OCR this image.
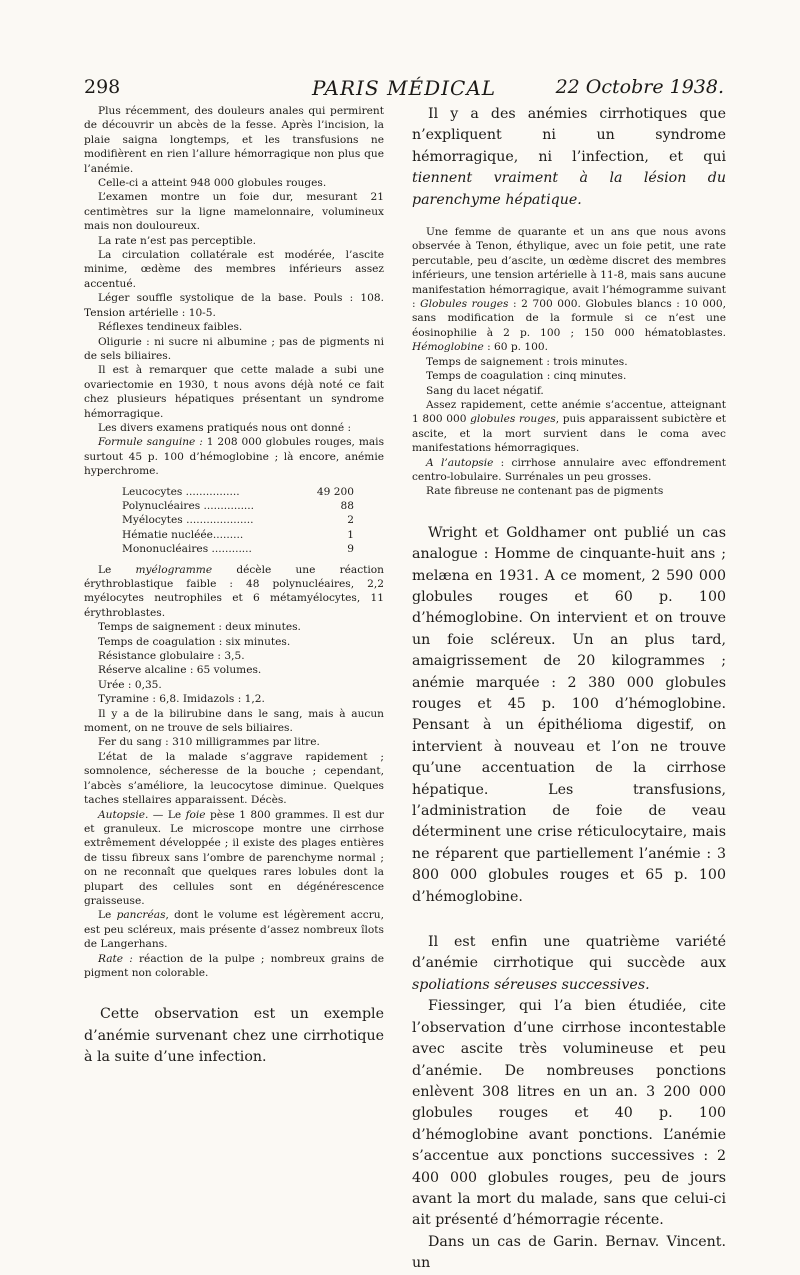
298	PARIS MÉDICAL	22 Octobre 1938.

Plus récemment, des douleurs anales qui permirent de découvrir un abcès de la fesse. Après l’incision, la plaie saigna longtemps, et les transfusions ne modifièrent en rien l’allure hémorragique non plus que l’anémie.

Celle-ci a atteint 948 000 globules rouges.

L’examen montre un foie dur, mesurant 21 centimètres sur la ligne mamelonnaire, volumineux mais non douloureux.

La rate n’est pas perceptible.

La circulation collatérale est modérée, l’ascite minime, œdème des membres inférieurs assez accentué.

Léger souffle systolique de la base. Pouls : 108. Tension artérielle : 10-5.

Réflexes tendineux faibles.

Oligurie : ni sucre ni albumine ; pas de pigments ni de sels biliaires.

Il est à remarquer que cette malade a subi une ovariectomie en 1930, t nous avons déjà noté ce fait chez plusieurs hépatiques présentant un syndrome hémorragique.

Les divers examens pratiqués nous ont donné :

Formule sanguine : 1 208 000 globules rouges, mais surtout 45 p. 100 d’hémoglobine ; là encore, anémie hyperchrome.

Leucocytes ................	49 200
Polynucléaires ...............	88
Myélocytes ....................	2
Hématie nucléée.........	1
Mononucléaires ............	9

Le myélogramme décèle une réaction érythroblastique faible : 48 polynucléaires, 2,2 myélocytes neutrophiles et 6 métamyélocytes, 11 érythroblastes.

Temps de saignement : deux minutes.

Temps de coagulation : six minutes.

Résistance globulaire : 3,5.

Réserve alcaline : 65 volumes.

Urée : 0,35.

Tyramine : 6,8. Imidazols : 1,2.

Il y a de la bilirubine dans le sang, mais à aucun moment, on ne trouve de sels biliaires.

Fer du sang : 310 milligrammes par litre.

L’état de la malade s’aggrave rapidement ; somnolence, sécheresse de la bouche ; cependant, l’abcès s’améliore, la leucocytose diminue. Quelques taches stellaires apparaissent. Décès.

Autopsie. — Le foie pèse 1 800 grammes. Il est dur et granuleux. Le microscope montre une cirrhose extrêmement développée ; il existe des plages entières de tissu fibreux sans l’ombre de parenchyme normal ; on ne reconnaît que quelques rares lobules dont la plupart des cellules sont en dégénérescence graisseuse.

Le pancréas, dont le volume est légèrement accru, est peu scléreux, mais présente d’assez nombreux îlots de Langerhans.

Rate : réaction de la pulpe ; nombreux grains de pigment non colorable.

Cette observation est un exemple d’anémie survenant chez une cirrhotique à la suite d’une infection.

Il y a des anémies cirrhotiques que n’expliquent ni un syndrome hémorragique, ni l’infection, et qui tiennent vraiment à la lésion du parenchyme hépatique.

Une femme de quarante et un ans que nous avons observée à Tenon, éthylique, avec un foie petit, une rate percutable, peu d’ascite, un œdème discret des membres inférieurs, une tension artérielle à 11-8, mais sans aucune manifestation hémorragique, avait l’hémogramme suivant : Globules rouges : 2 700 000. Globules blancs : 10 000, sans modification de la formule si ce n’est une éosinophilie à 2 p. 100 ; 150 000 hématoblastes. Hémoglobine : 60 p. 100.

Temps de saignement : trois minutes.

Temps de coagulation : cinq minutes.

Sang du lacet négatif.

Assez rapidement, cette anémie s’accentue, atteignant 1 800 000 globules rouges, puis apparaissent subictère et ascite, et la mort survient dans le coma avec manifestations hémorragiques.

A l’autopsie : cirrhose annulaire avec effondrement centro-lobulaire. Surrénales un peu grosses.

Rate fibreuse ne contenant pas de pigments

Wright et Goldhamer ont publié un cas analogue : Homme de cinquante-huit ans ; melæna en 1931. A ce moment, 2 590 000 globules rouges et 60 p. 100 d’hémoglobine. On intervient et on trouve un foie scléreux. Un an plus tard, amaigrissement de 20 kilogrammes ; anémie marquée : 2 380 000 globules rouges et 45 p. 100 d’hémoglobine. Pensant à un épithélioma digestif, on intervient à nouveau et l’on ne trouve qu’une accentuation de la cirrhose hépatique. Les transfusions, l’administration de foie de veau déterminent une crise réticulocytaire, mais ne réparent que partiellement l’anémie : 3 800 000 globules rouges et 65 p. 100 d’hémoglobine.

Il est enfin une quatrième variété d’anémie cirrhotique qui succède aux spoliations séreuses successives.

Fiessinger, qui l’a bien étudiée, cite l’observation d’une cirrhose incontestable avec ascite très volumineuse et peu d’anémie. De nombreuses ponctions enlèvent 308 litres en un an. 3 200 000 globules rouges et 40 p. 100 d’hémoglobine avant ponctions. L’anémie s’accentue aux ponctions successives : 2 400 000 globules rouges, peu de jours avant la mort du malade, sans que celui-ci ait présenté d’hémorragie récente.

Dans un cas de Garin. Bernav. Vincent. un
